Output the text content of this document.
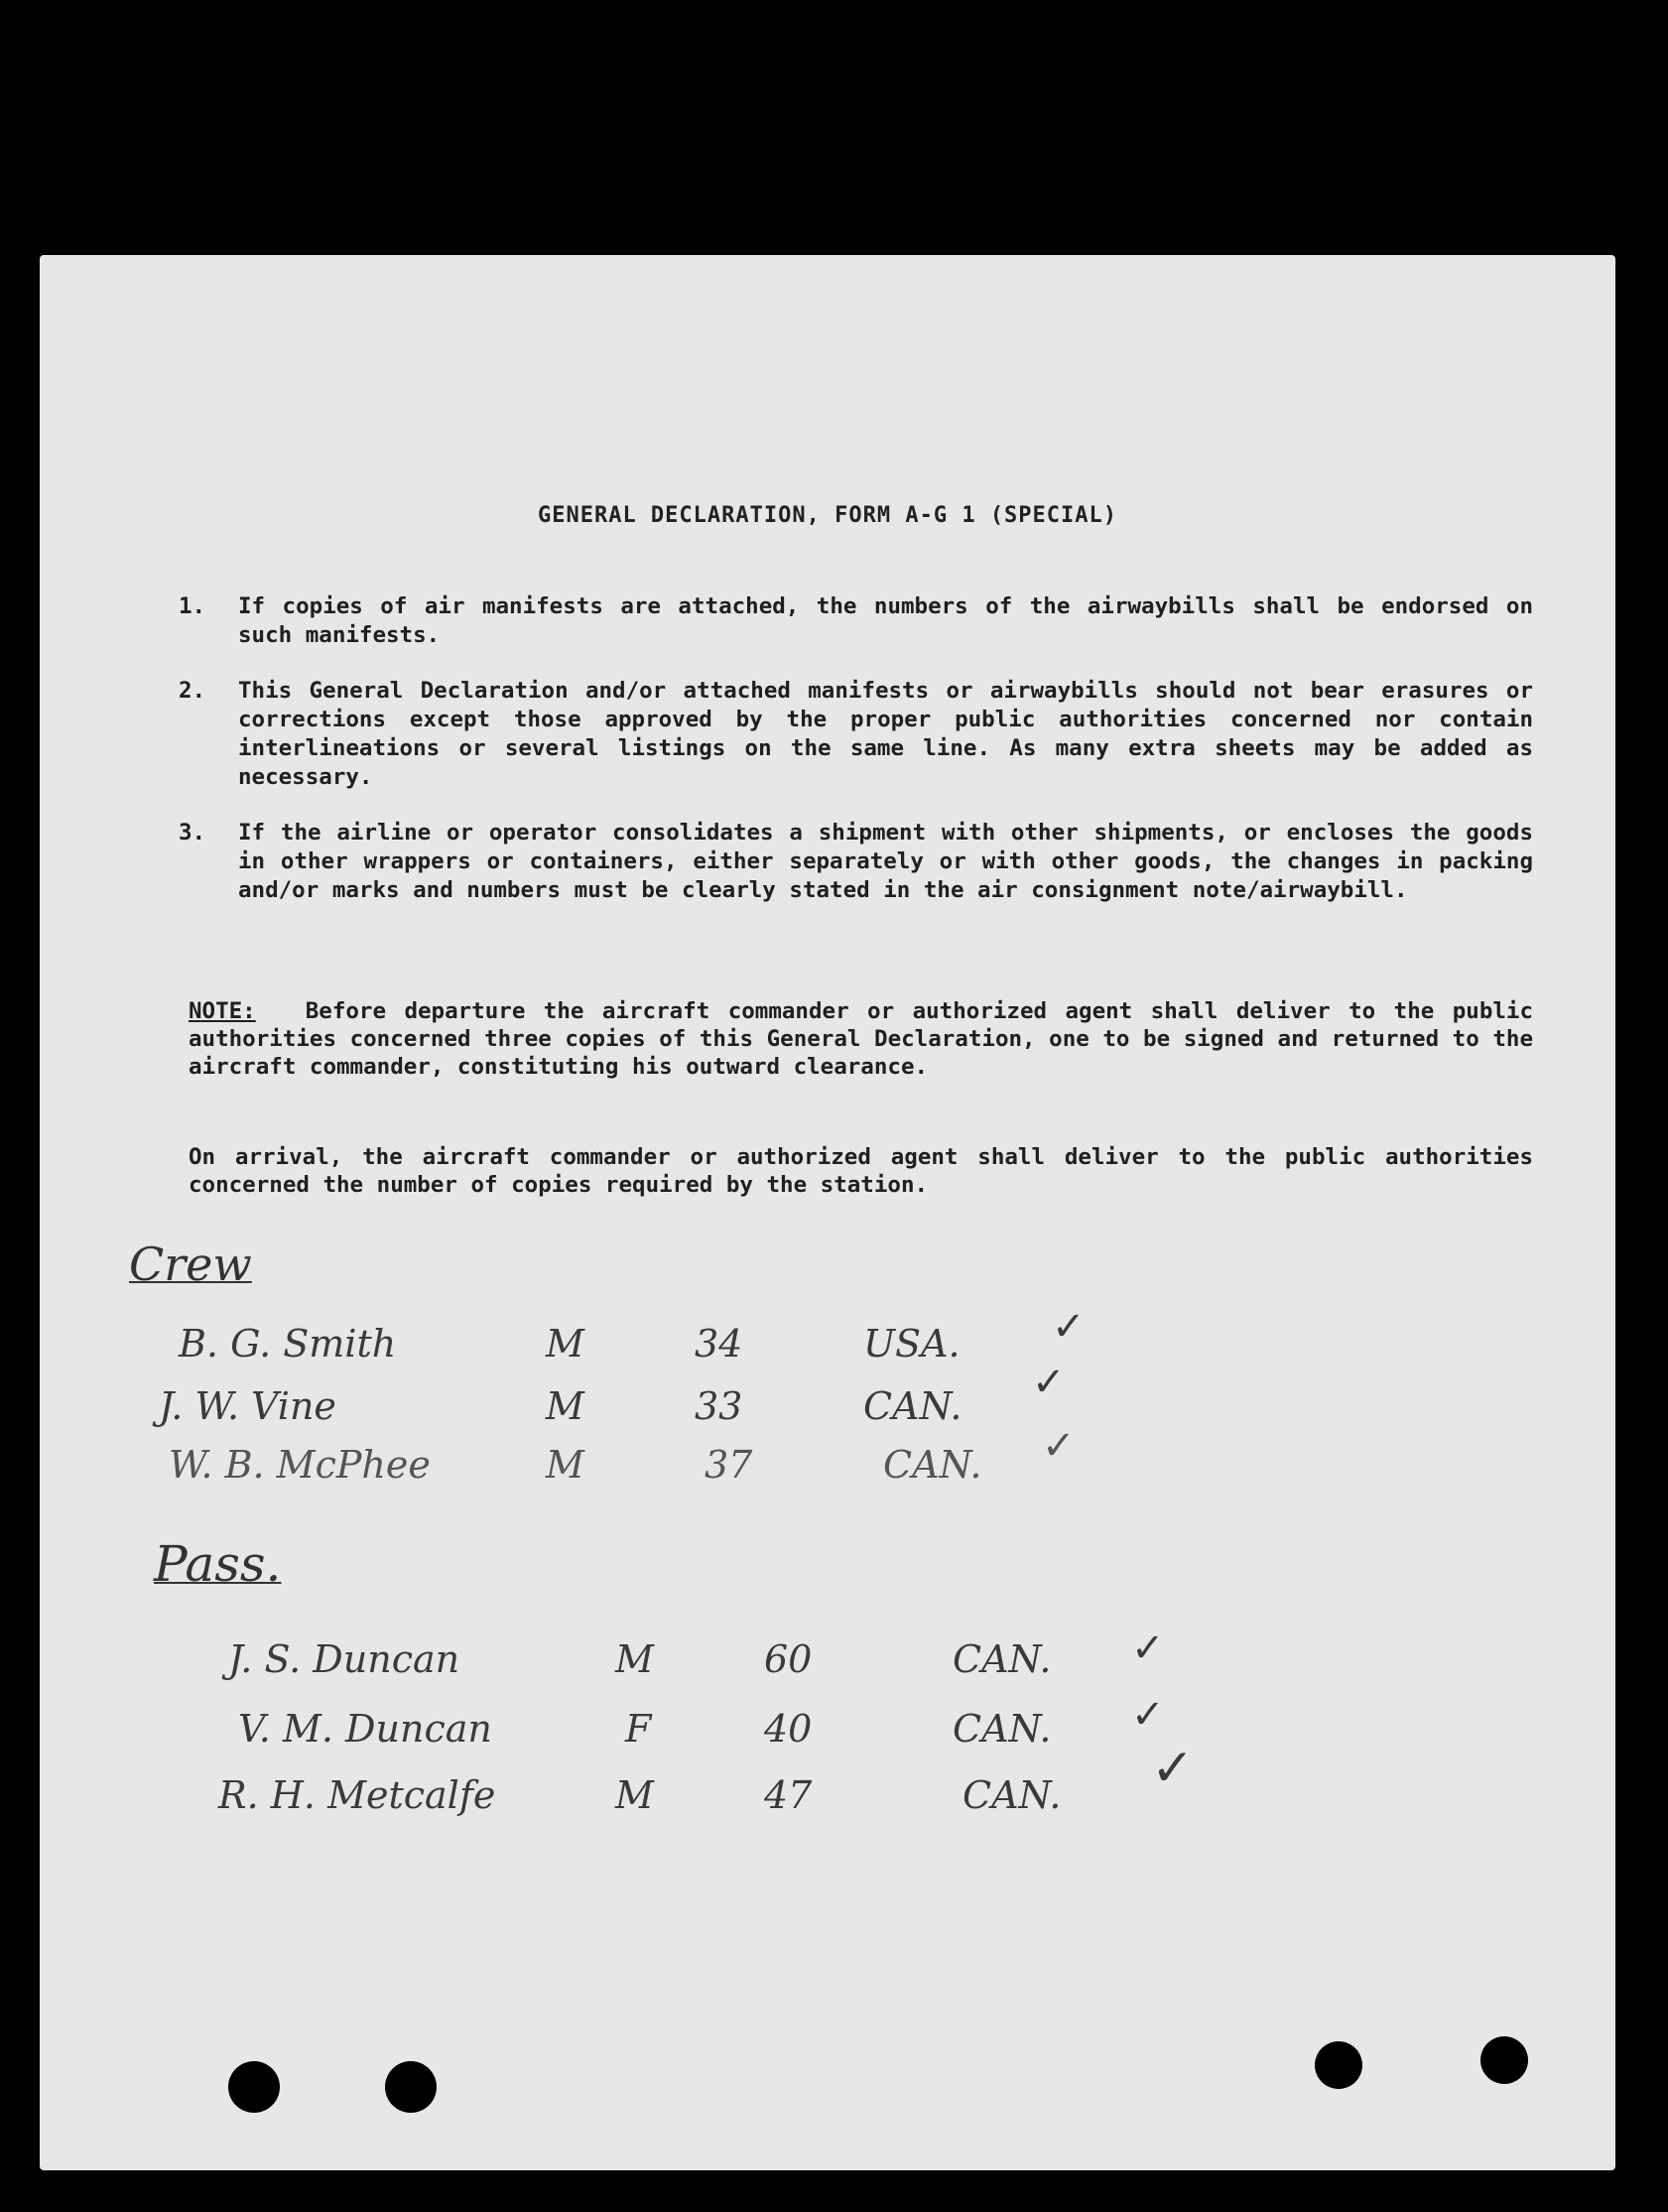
GENERAL DECLARATION, FORM A-G 1 (SPECIAL)
1.	If copies of air manifests are attached, the numbers of the airwaybills shall be endorsed on such manifests.
2.	This General Declaration and/or attached manifests or airwaybills should not bear erasures or corrections except those approved by the proper public authorities concerned nor contain interlineations or several listings on the same line. As many extra sheets may be added as necessary.
3.	If the airline or operator consolidates a shipment with other shipments, or encloses the goods in other wrappers or containers, either separately or with other goods, the changes in packing and/or marks and numbers must be clearly stated in the air consignment note/airwaybill.
NOTE: Before departure the aircraft commander or authorized agent shall deliver to the public authorities concerned three copies of this General Declaration, one to be signed and returned to the aircraft commander, constituting his outward clearance.
On arrival, the aircraft commander or authorized agent shall deliver to the public authorities concerned the number of copies required by the station.
Crew
B. G. Smith	M	34	USA. ✓
J. W. Vine	M	33	CAN.
✓
W. B. McPhee	M	37	CAN. ✓
Pass.
J. S. Duncan	M	60	CAN. ✓
V. M. Duncan	F	40	CAN. ✓
R. H. Metcalfe	M	47	CAN. ✓
